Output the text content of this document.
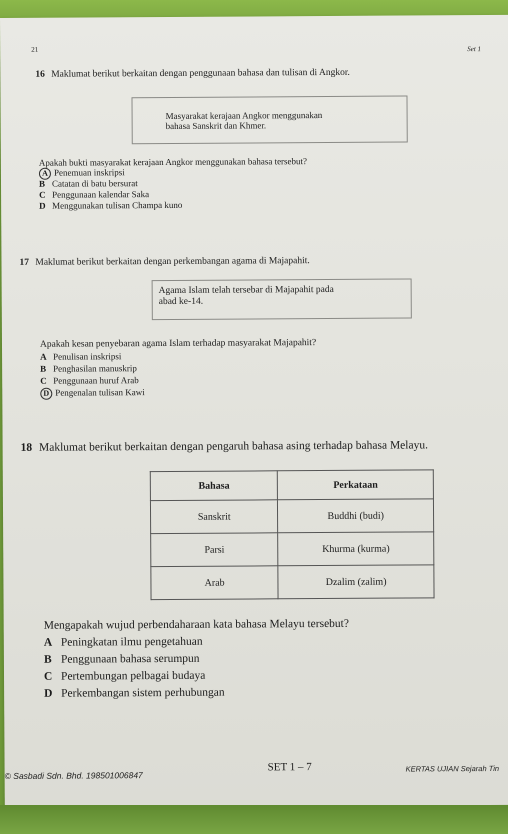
21	Set 1
16 Maklumat berikut berkaitan dengan penggunaan bahasa dan tulisan di Angkor.
Masyarakat kerajaan Angkor menggunakan
bahasa Sanskrit dan Khmer.
Apakah bukti masyarakat kerajaan Angkor menggunakan bahasa tersebut?
A Penemuan inskripsi
B Catatan di batu bersurat
C Penggunaan kalendar Saka
D Menggunakan tulisan Champa kuno
17 Maklumat berikut berkaitan dengan perkembangan agama di Majapahit.
Agama Islam telah tersebar di Majapahit pada
abad ke-14.
Apakah kesan penyebaran agama Islam terhadap masyarakat Majapahit?
A Penulisan inskripsi
B Penghasilan manuskrip
C Penggunaan huruf Arab
D Pengenalan tulisan Kawi
18 Maklumat berikut berkaitan dengan pengaruh bahasa asing terhadap bahasa Melayu.
Bahasa	Perkataan
Sanskrit	Buddhi (budi)
Parsi	Khurma (kurma)
Arab	Dzalim (zalim)
Mengapakah wujud perbendaharaan kata bahasa Melayu tersebut?
A Peningkatan ilmu pengetahuan
B Penggunaan bahasa serumpun
C Pertembungan pelbagai budaya
D Perkembangan sistem perhubungan
© Sasbadi Sdn. Bhd. 198501006847
SET 1 – 7	KERTAS UJIAN Sejarah Tin
